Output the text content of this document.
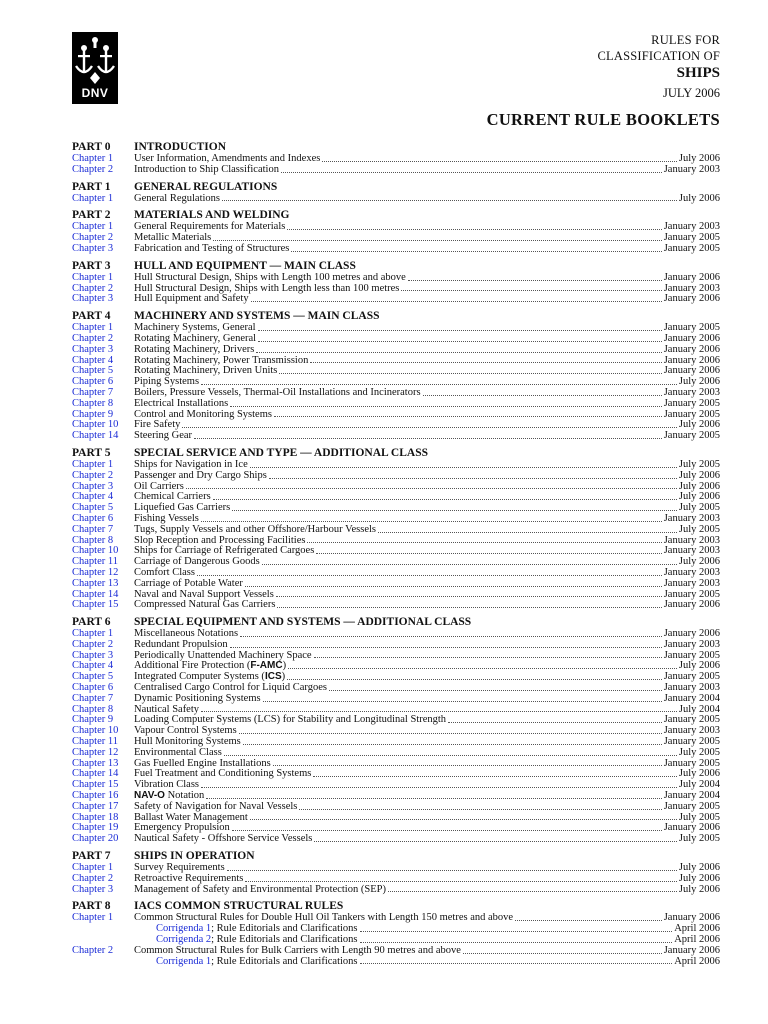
DNV
RULES FOR
CLASSIFICATION OF
SHIPS
JULY 2006
CURRENT RULE BOOKLETS
PART 0	INTRODUCTION
Chapter 1	User Information, Amendments and Indexes	July 2006
Chapter 2	Introduction to Ship Classification	January 2003
PART 1	GENERAL REGULATIONS
Chapter 1	General Regulations	July 2006
PART 2	MATERIALS AND WELDING
Chapter 1	General Requirements for Materials	January 2003
Chapter 2	Metallic Materials	January 2005
Chapter 3	Fabrication and Testing of Structures	January 2005
PART 3	HULL AND EQUIPMENT — MAIN CLASS
Chapter 1	Hull Structural Design, Ships with Length 100 metres and above	January 2006
Chapter 2	Hull Structural Design, Ships with Length less than 100 metres	January 2003
Chapter 3	Hull Equipment and Safety	January 2006
PART 4	MACHINERY AND SYSTEMS — MAIN CLASS
Chapter 1	Machinery Systems, General	January 2005
Chapter 2	Rotating Machinery, General	January 2006
Chapter 3	Rotating Machinery, Drivers	January 2006
Chapter 4	Rotating Machinery, Power Transmission	January 2006
Chapter 5	Rotating Machinery, Driven Units	January 2006
Chapter 6	Piping Systems	July 2006
Chapter 7	Boilers, Pressure Vessels, Thermal-Oil Installations and Incinerators	January 2003
Chapter 8	Electrical Installations	January 2005
Chapter 9	Control and Monitoring Systems	January 2005
Chapter 10	Fire Safety	July 2006
Chapter 14	Steering Gear	January 2005
PART 5	SPECIAL SERVICE AND TYPE — ADDITIONAL CLASS
Chapter 1	Ships for Navigation in Ice	July 2005
Chapter 2	Passenger and Dry Cargo Ships	July 2006
Chapter 3	Oil Carriers	July 2006
Chapter 4	Chemical Carriers	July 2006
Chapter 5	Liquefied Gas Carriers	July 2005
Chapter 6	Fishing Vessels	January 2003
Chapter 7	Tugs, Supply Vessels and other Offshore/Harbour Vessels	July 2005
Chapter 8	Slop Reception and Processing Facilities	January 2003
Chapter 10	Ships for Carriage of Refrigerated Cargoes	January 2003
Chapter 11	Carriage of Dangerous Goods	July 2006
Chapter 12	Comfort Class	January 2003
Chapter 13	Carriage of Potable Water	January 2003
Chapter 14	Naval and Naval Support Vessels	January 2005
Chapter 15	Compressed Natural Gas Carriers	January 2006
PART 6	SPECIAL EQUIPMENT AND SYSTEMS — ADDITIONAL CLASS
Chapter 1	Miscellaneous Notations	January 2006
Chapter 2	Redundant Propulsion	January 2003
Chapter 3	Periodically Unattended Machinery Space	January 2005
Chapter 4	Additional Fire Protection (F-AMC)	July 2006
Chapter 5	Integrated Computer Systems (ICS)	January 2005
Chapter 6	Centralised Cargo Control for Liquid Cargoes	January 2003
Chapter 7	Dynamic Positioning Systems	January 2004
Chapter 8	Nautical Safety	July 2004
Chapter 9	Loading Computer Systems (LCS) for Stability and Longitudinal Strength	January 2005
Chapter 10	Vapour Control Systems	January 2003
Chapter 11	Hull Monitoring Systems	January 2005
Chapter 12	Environmental Class	July 2005
Chapter 13	Gas Fuelled Engine Installations	January 2005
Chapter 14	Fuel Treatment and Conditioning Systems	July 2006
Chapter 15	Vibration Class	July 2004
Chapter 16	NAV-O Notation	January 2004
Chapter 17	Safety of Navigation for Naval Vessels	January 2005
Chapter 18	Ballast Water Management	July 2005
Chapter 19	Emergency Propulsion	January 2006
Chapter 20	Nautical Safety - Offshore Service Vessels	July 2005
PART 7	SHIPS IN OPERATION
Chapter 1	Survey Requirements	July 2006
Chapter 2	Retroactive Requirements	July 2006
Chapter 3	Management of Safety and Environmental Protection (SEP)	July 2006
PART 8	IACS COMMON STRUCTURAL RULES
Chapter 1	Common Structural Rules for Double Hull Oil Tankers with Length 150 metres and above	January 2006
Corrigenda 1; Rule Editorials and Clarifications	April 2006
Corrigenda 2; Rule Editorials and Clarifications	April 2006
Chapter 2	Common Structural Rules for Bulk Carriers with Length 90 metres and above	January 2006
Corrigenda 1; Rule Editorials and Clarifications	April 2006
